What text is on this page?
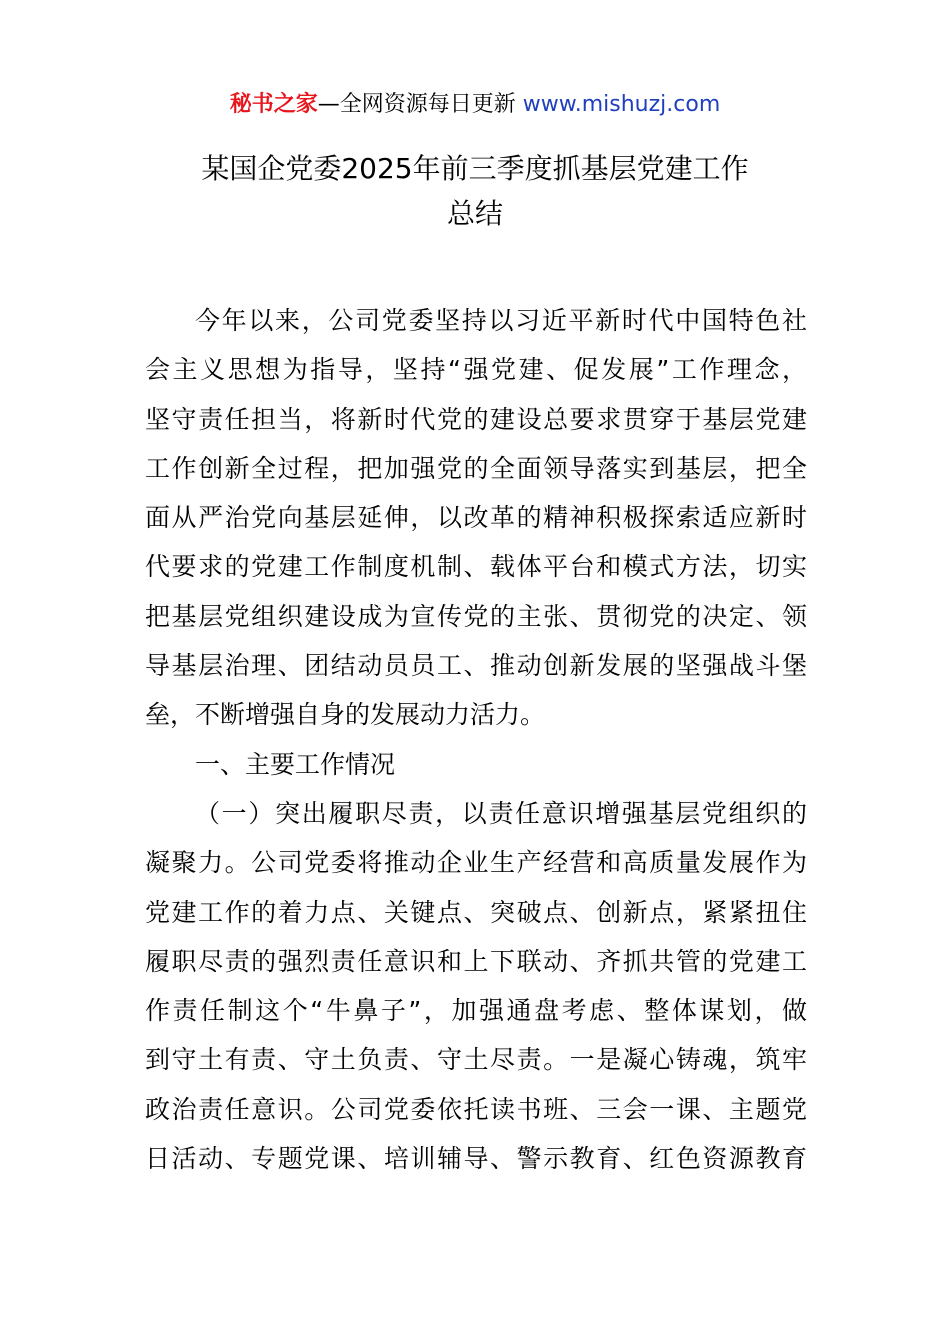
秘书之家—全网资源每日更新 www.mishuzj.com
某国企党委2025年前三季度抓基层党建工作
总结
今年以来，公司党委坚持以习近平新时代中国特色社
会主义思想为指导，坚持“强党建、促发展”工作理念，
坚守责任担当，将新时代党的建设总要求贯穿于基层党建
工作创新全过程，把加强党的全面领导落实到基层，把全
面从严治党向基层延伸，以改革的精神积极探索适应新时
代要求的党建工作制度机制、载体平台和模式方法，切实
把基层党组织建设成为宣传党的主张、贯彻党的决定、领
导基层治理、团结动员员工、推动创新发展的坚强战斗堡
垒，不断增强自身的发展动力活力。
一、主要工作情况
（一）突出履职尽责，以责任意识增强基层党组织的
凝聚力。公司党委将推动企业生产经营和高质量发展作为
党建工作的着力点、关键点、突破点、创新点，紧紧扭住
履职尽责的强烈责任意识和上下联动、齐抓共管的党建工
作责任制这个“牛鼻子”，加强通盘考虑、整体谋划，做
到守土有责、守土负责、守土尽责。一是凝心铸魂，筑牢
政治责任意识。公司党委依托读书班、三会一课、主题党
日活动、专题党课、培训辅导、警示教育、红色资源教育
